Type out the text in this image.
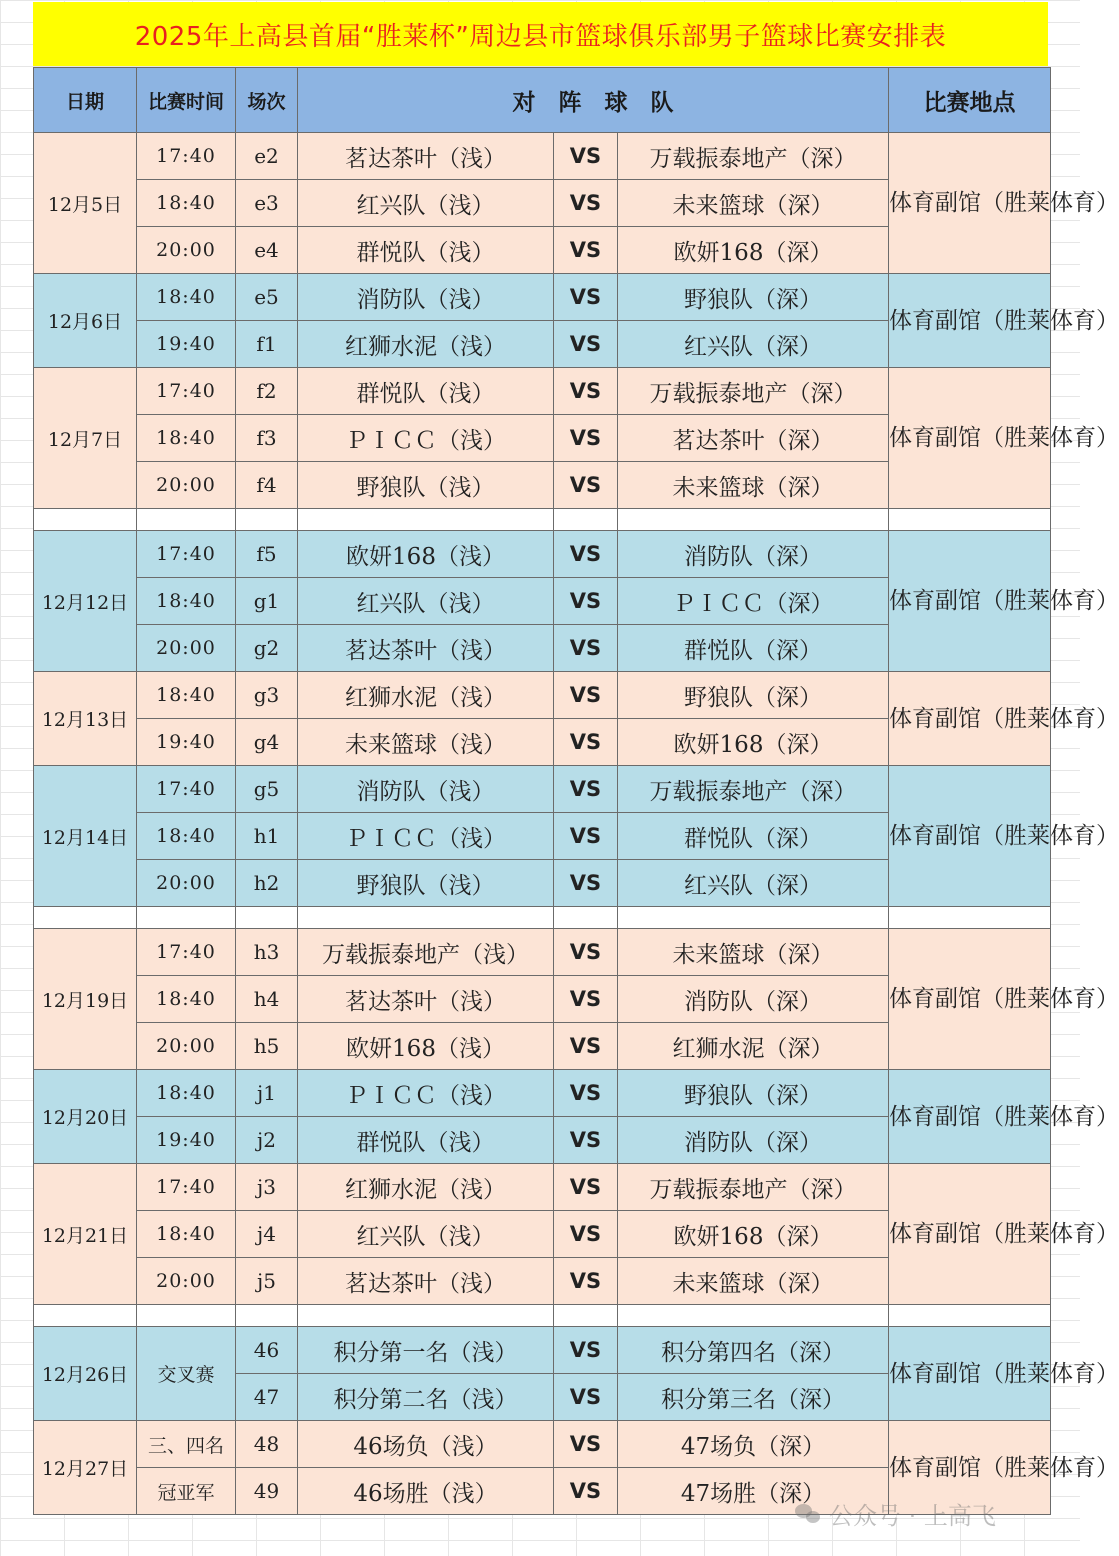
2025年上高县首届“胜莱杯”周边县市篮球俱乐部男子篮球比赛安排表
日期	比赛时间	场次	对　阵　球　队			比赛地点
12月5日	17:40	e2	茗达茶叶（浅）	VS	万载振泰地产（深）	体育副馆（胜莱体育）
	18:40	e3	红兴队（浅）	VS	未来篮球（深）	
	20:00	e4	群悦队（浅）	VS	欧妍168（深）	
12月6日	18:40	e5	消防队（浅）	VS	野狼队（深）	体育副馆（胜莱体育）
	19:40	f1	红狮水泥（浅）	VS	红兴队（深）	
12月7日	17:40	f2	群悦队（浅）	VS	万载振泰地产（深）	体育副馆（胜莱体育）
	18:40	f3	ＰＩＣＣ（浅）	VS	茗达茶叶（深）	
	20:00	f4	野狼队（浅）	VS	未来篮球（深）	

12月12日	17:40	f5	欧妍168（浅）	VS	消防队（深）	体育副馆（胜莱体育）
	18:40	g1	红兴队（浅）	VS	ＰＩＣＣ（深）	
	20:00	g2	茗达茶叶（浅）	VS	群悦队（深）	
12月13日	18:40	g3	红狮水泥（浅）	VS	野狼队（深）	体育副馆（胜莱体育）
	19:40	g4	未来篮球（浅）	VS	欧妍168（深）	
12月14日	17:40	g5	消防队（浅）	VS	万载振泰地产（深）	体育副馆（胜莱体育）
	18:40	h1	ＰＩＣＣ（浅）	VS	群悦队（深）	
	20:00	h2	野狼队（浅）	VS	红兴队（深）	

12月19日	17:40	h3	万载振泰地产（浅）	VS	未来篮球（深）	体育副馆（胜莱体育）
	18:40	h4	茗达茶叶（浅）	VS	消防队（深）	
	20:00	h5	欧妍168（浅）	VS	红狮水泥（深）	
12月20日	18:40	j1	ＰＩＣＣ（浅）	VS	野狼队（深）	体育副馆（胜莱体育）
	19:40	j2	群悦队（浅）	VS	消防队（深）	
12月21日	17:40	j3	红狮水泥（浅）	VS	万载振泰地产（深）	体育副馆（胜莱体育）
	18:40	j4	红兴队（浅）	VS	欧妍168（深）	
	20:00	j5	茗达茶叶（浅）	VS	未来篮球（深）	

12月26日	交叉赛	46	积分第一名（浅）	VS	积分第四名（深）	体育副馆（胜莱体育）
		47	积分第二名（浅）	VS	积分第三名（深）	
12月27日	三、四名	48	46场负（浅）	VS	47场负（深）	体育副馆（胜莱体育）
	冠亚军	49	46场胜（浅）	VS	47场胜（深）	
公众号 · 上高飞
